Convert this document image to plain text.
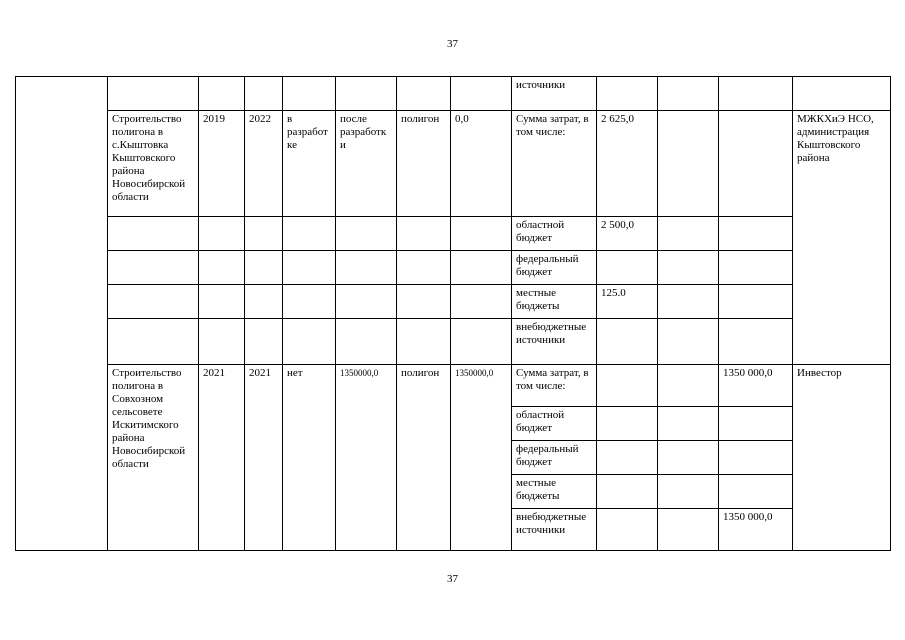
37
								источники				
	Строительство полигона в с.Кыштовка Кыштовского района Новосибирской области	2019	2022	в разработке	после разработки	полигон	0,0	Сумма затрат, в том числе:	2 625,0			МЖКХиЭ НСО, администрация Кыштовского района
								областной бюджет	2 500,0			
								федеральный бюджет				
								местные бюджеты	125.0			
								внебюджетные источники				
	Строительство полигона в Совхозном сельсовете Искитимского района Новосибирской области	2021	2021	нет	1350000,0	полигон	1350000,0	Сумма затрат, в том числе:			1350 000,0	Инвестор
								областной бюджет				
								федеральный бюджет				
								местные бюджеты				
								внебюджетные источники			1350 000,0	
37
